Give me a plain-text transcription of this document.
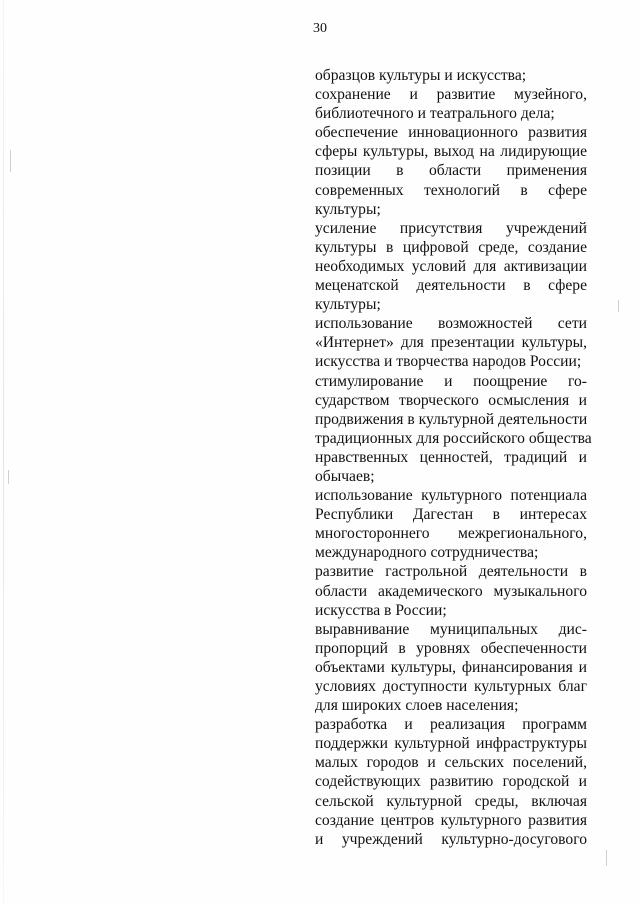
30
образцов культуры и искусства;
сохранение и развитие музейного,
библиотечного и театрального дела;
обеспечение инновационного развития
сферы культуры, выход на лидирующие
позиции в области применения
современных технологий в сфере
культуры;
усиление присутствия учреждений
культуры в цифровой среде, создание
необходимых условий для активизации
меценатской деятельности в сфере
культуры;
использование возможностей сети
«Интернет» для презентации культуры,
искусства и творчества народов России;
стимулирование и поощрение го-
сударством творческого осмысления и
продвижения в культурной деятельности
традиционных для российского общества
нравственных ценностей, традиций и
обычаев;
использование культурного потенциала
Республики Дагестан в интересах
многостороннего межрегионального,
международного сотрудничества;
развитие гастрольной деятельности в
области академического музыкального
искусства в России;
выравнивание муниципальных дис-
пропорций в уровнях обеспеченности
объектами культуры, финансирования и
условиях доступности культурных благ
для широких слоев населения;
разработка и реализация программ
поддержки культурной инфраструктуры
малых городов и сельских поселений,
содействующих развитию городской и
сельской культурной среды, включая
создание центров культурного развития
и учреждений культурно-досугового
